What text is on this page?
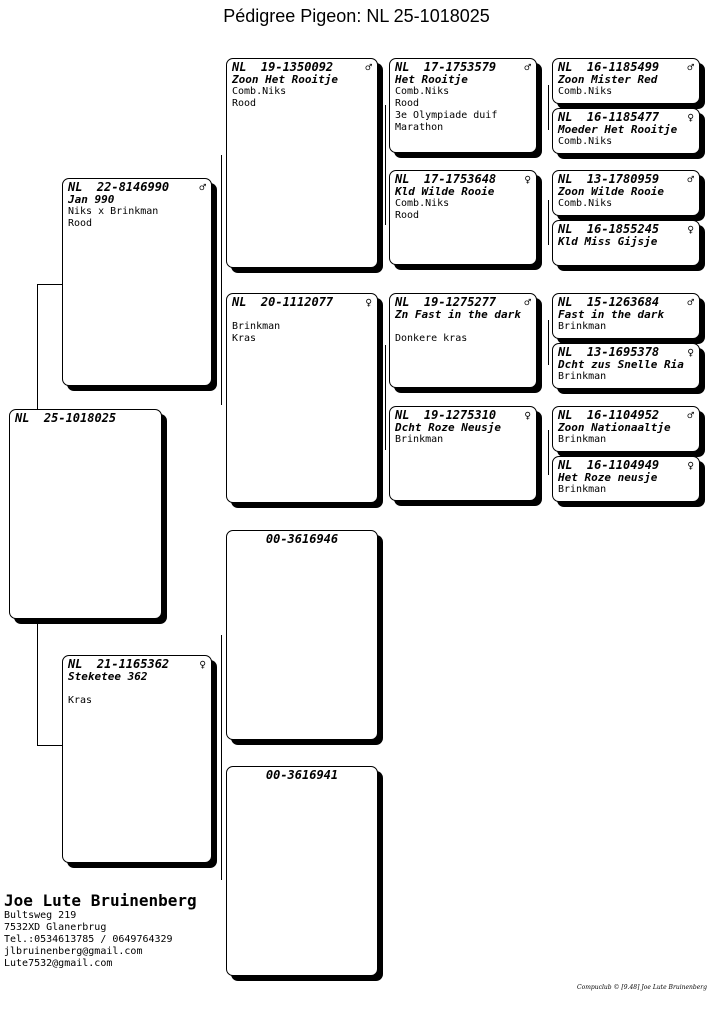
Pédigree Pigeon: NL 25-1018025
NL  25-1018025
NL  22-8146990	♂
Jan 990
Niks x Brinkman
Rood
NL  21-1165362	♀
Steketee 362

Kras
NL  19-1350092	♂
Zoon Het Rooitje
Comb.Niks
Rood
NL  20-1112077	♀

Brinkman
Kras
00-3616946
00-3616941
NL  17-1753579	♂
Het Rooitje
Comb.Niks
Rood
3e Olympiade duif
Marathon
NL  17-1753648	♀
Kld Wilde Rooie
Comb.Niks
Rood
NL  19-1275277	♂
Zn Fast in the dark

Donkere kras
NL  19-1275310	♀
Dcht Roze Neusje
Brinkman
NL  16-1185499	♂
Zoon Mister Red
Comb.Niks
NL  16-1185477	♀
Moeder Het Rooitje
Comb.Niks
NL  13-1780959	♂
Zoon Wilde Rooie
Comb.Niks
NL  16-1855245	♀
Kld Miss Gijsje
NL  15-1263684	♂
Fast in the dark
Brinkman
NL  13-1695378	♀
Dcht zus Snelle Ria
Brinkman
NL  16-1104952	♂
Zoon Nationaaltje
Brinkman
NL  16-1104949	♀
Het Roze neusje
Brinkman
Joe Lute Bruinenberg
Bultsweg 219
7532XD Glanerbrug
Tel.:0534613785 / 0649764329
jlbruinenberg@gmail.com
Lute7532@gmail.com
Compuclub © [9.48] Joe Lute Bruinenberg
